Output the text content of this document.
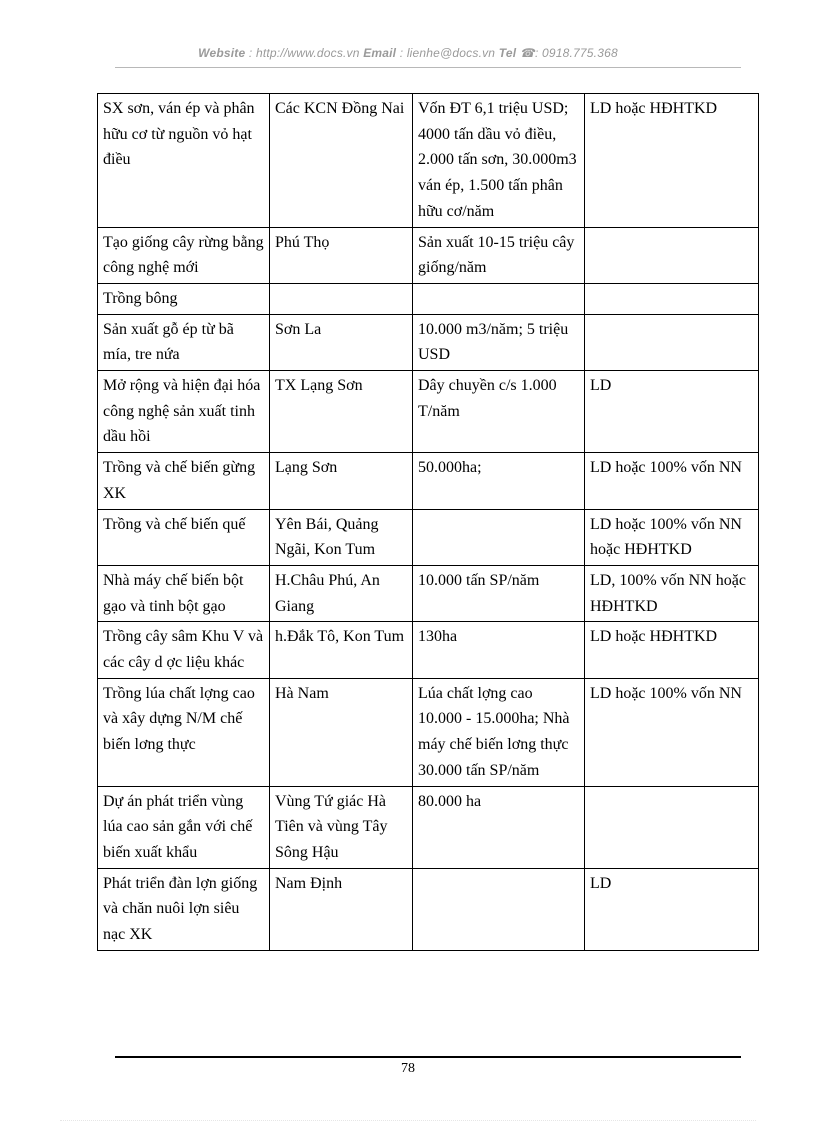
Website : http://www.docs.vn Email : lienhe@docs.vn Tel ☎: 0918.775.368
SX sơn, ván ép và phân hữu cơ từ nguồn vỏ hạt điều	Các KCN Đồng Nai	Vốn ĐT 6,1 triệu USD; 4000 tấn dầu vỏ điều, 2.000 tấn sơn, 30.000m3 ván ép, 1.500 tấn phân hữu cơ/năm	LD hoặc HĐHTKD
Tạo giống cây rừng bằng công nghệ mới	Phú Thọ	Sản xuất 10-15 triệu cây giống/năm	
Trồng bông			
Sản xuất gỗ ép từ bã mía, tre nứa	Sơn La	10.000 m3/năm; 5 triệu USD	
Mở rộng và hiện đại hóa công nghệ sản xuất tinh dầu hồi	TX Lạng Sơn	Dây chuyền c/s 1.000 T/năm	LD
Trồng và chế biến gừng XK	Lạng Sơn	50.000ha;	LD hoặc 100% vốn NN
Trồng và chế biến quế	Yên Bái, Quảng Ngãi, Kon Tum		LD hoặc 100% vốn NN hoặc HĐHTKD
Nhà máy chế biến bột gạo và tinh bột gạo	H.Châu Phú, An Giang	10.000 tấn SP/năm	LD, 100% vốn NN hoặc HĐHTKD
Trồng cây sâm Khu V và các cây d ợc liệu khác	h.Đắk Tô, Kon Tum	130ha	LD hoặc HĐHTKD
Trồng lúa chất lợng cao và xây dựng N/M chế biến lơng thực	Hà Nam	Lúa chất lợng cao 10.000 - 15.000ha; Nhà máy chế biến lơng thực 30.000 tấn SP/năm	LD hoặc 100% vốn NN
Dự án phát triển vùng lúa cao sản gắn với chế biến xuất khẩu	Vùng Tứ giác Hà Tiên và vùng Tây Sông Hậu	80.000 ha	
Phát triển đàn lợn giống và chăn nuôi lợn siêu nạc XK	Nam Định		LD
78
